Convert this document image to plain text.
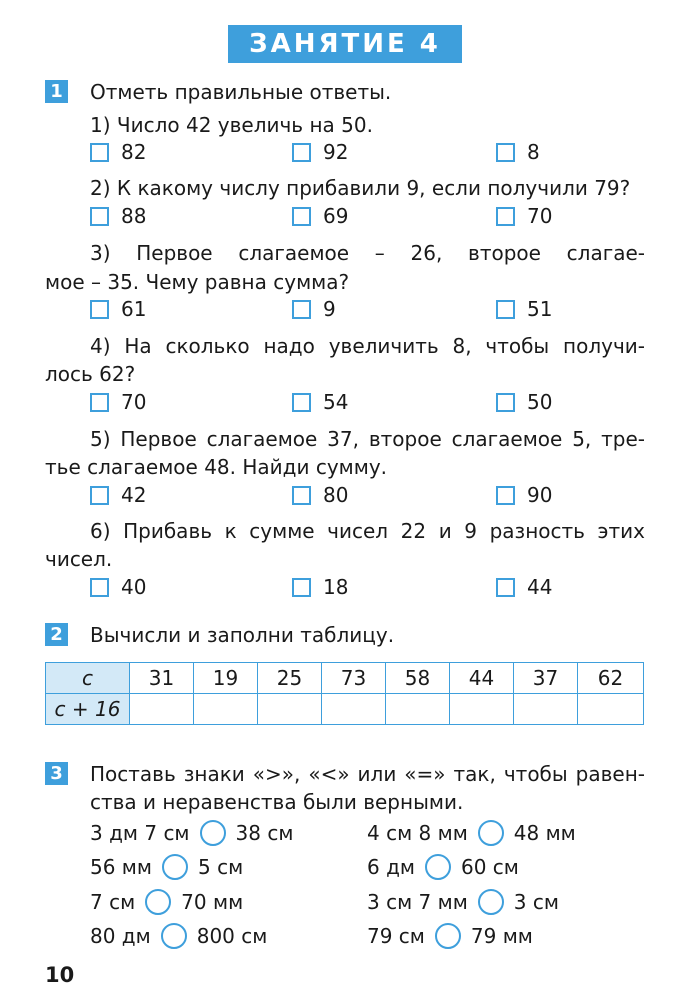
ЗАНЯТИЕ 4
1 Отметь правильные ответы.
1) Число 42 увеличь на 50.
82	92	8
2) К какому числу прибавили 9, если получили 79?
88	69	70
3) Первое слагаемое – 26, второе слагае-
мое – 35. Чему равна сумма?
61	9	51
4) На сколько надо увеличить 8, чтобы получи-
лось 62?
70	54	50
5) Первое слагаемое 37, второе слагаемое 5, тре-
тье слагаемое 48. Найди сумму.
42	80	90
6) Прибавь к сумме чисел 22 и 9 разность этих
чисел.
40	18	44
2 Вычисли и заполни таблицу.
c	31	19	25	73	58	44	37	62
c + 16								
3 Поставь знаки «>», «<» или «=» так, чтобы равен-
ства и неравенства были верными.
3 дм 7 см 38 см	4 см 8 мм 48 мм
56 мм 5 см	6 дм 60 см
7 см 70 мм	3 см 7 мм 3 см
80 дм 800 см	79 см 79 мм
10
